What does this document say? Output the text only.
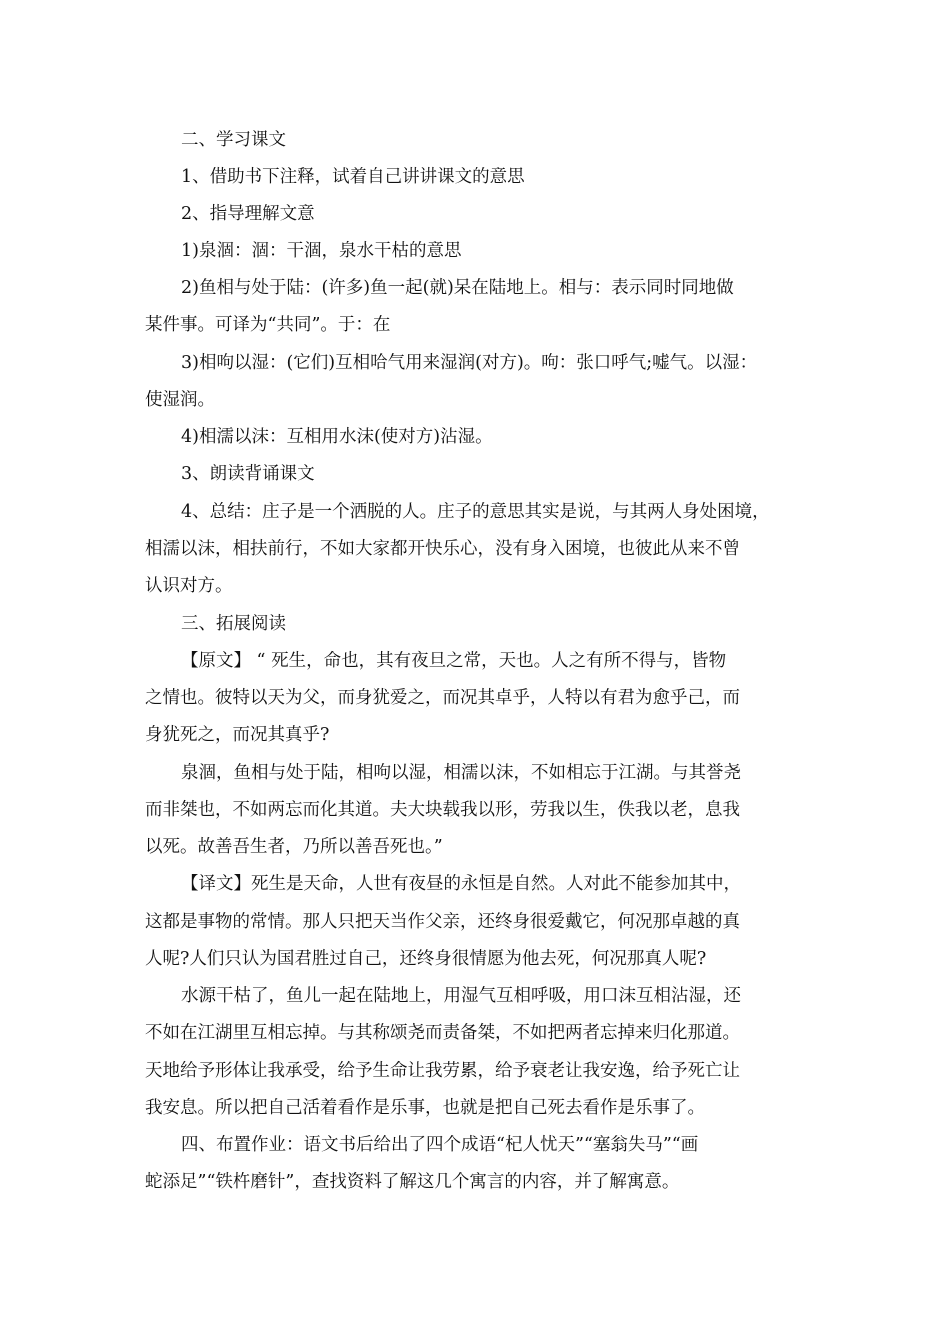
二、学习课文
1、借助书下注释，试着自己讲讲课文的意思
2、指导理解文意
1)泉涸：涸：干涸，泉水干枯的意思
2)鱼相与处于陆：(许多)鱼一起(就)呆在陆地上。相与：表示同时同地做
某件事。可译为“共同”。于：在
3)相呴以湿：(它们)互相哈气用来湿润(对方)。呴：张口呼气;嘘气。以湿：
使湿润。
4)相濡以沫：互相用水沫(使对方)沾湿。
3、朗读背诵课文
4、总结：庄子是一个洒脱的人。庄子的意思其实是说，与其两人身处困境，
相濡以沫，相扶前行，不如大家都开快乐心，没有身入困境，也彼此从来不曾
认识对方。
三、拓展阅读
【原文】 “ 死生，命也，其有夜旦之常，天也。人之有所不得与，皆物
之情也。彼特以天为父，而身犹爱之，而况其卓乎，人特以有君为愈乎己，而
身犹死之，而况其真乎?
泉涸，鱼相与处于陆，相呴以湿，相濡以沫，不如相忘于江湖。与其誉尧
而非桀也，不如两忘而化其道。夫大块载我以形，劳我以生，佚我以老，息我
以死。故善吾生者，乃所以善吾死也。”
【译文】死生是天命，人世有夜昼的永恒是自然。人对此不能参加其中，
这都是事物的常情。那人只把天当作父亲，还终身很爱戴它，何况那卓越的真
人呢?人们只认为国君胜过自己，还终身很情愿为他去死，何况那真人呢?
水源干枯了，鱼儿一起在陆地上，用湿气互相呼吸，用口沫互相沾湿，还
不如在江湖里互相忘掉。与其称颂尧而责备桀，不如把两者忘掉来归化那道。
天地给予形体让我承受，给予生命让我劳累，给予衰老让我安逸，给予死亡让
我安息。所以把自己活着看作是乐事，也就是把自己死去看作是乐事了。
四、布置作业：语文书后给出了四个成语“杞人忧天”“塞翁失马”“画
蛇添足”“铁杵磨针”，查找资料了解这几个寓言的内容，并了解寓意。
